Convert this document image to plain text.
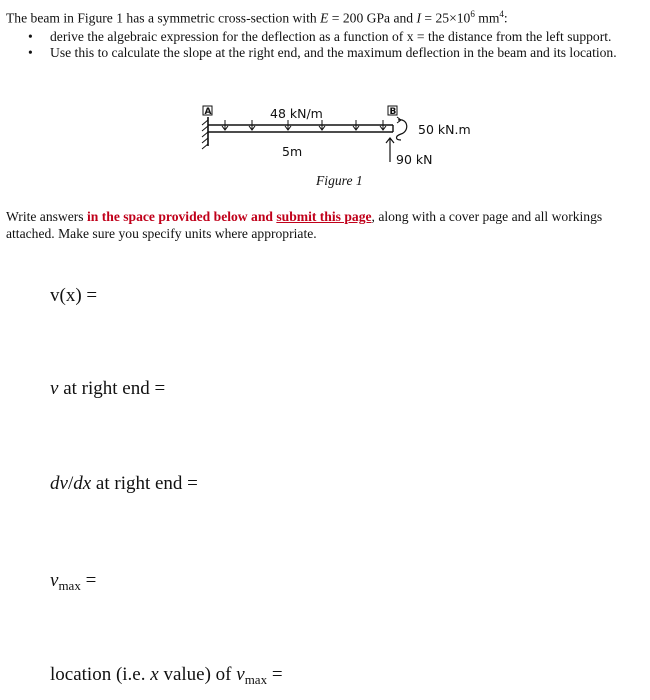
The beam in Figure 1 has a symmetric cross-section with E = 200 GPa and $I = 25\times 10^6$ $mm^4$:
• derive the algebraic expression for the deflection as a function of x = the distance from the left support.
• Use this to calculate the slope at the right end, and the maximum deflection in the beam and its location.
A	48 kN/m
5m
B
50 kN.m
90 kN
Figure 1
Write answers in the space provided below and submit this page, along with a cover page and all workings attached. Make sure you specify units where appropriate.
v(x) =
v at right end =
dv/dx at right end =
$v_{max}$ =
location (i.e. x value) of $v_{max}$ =
